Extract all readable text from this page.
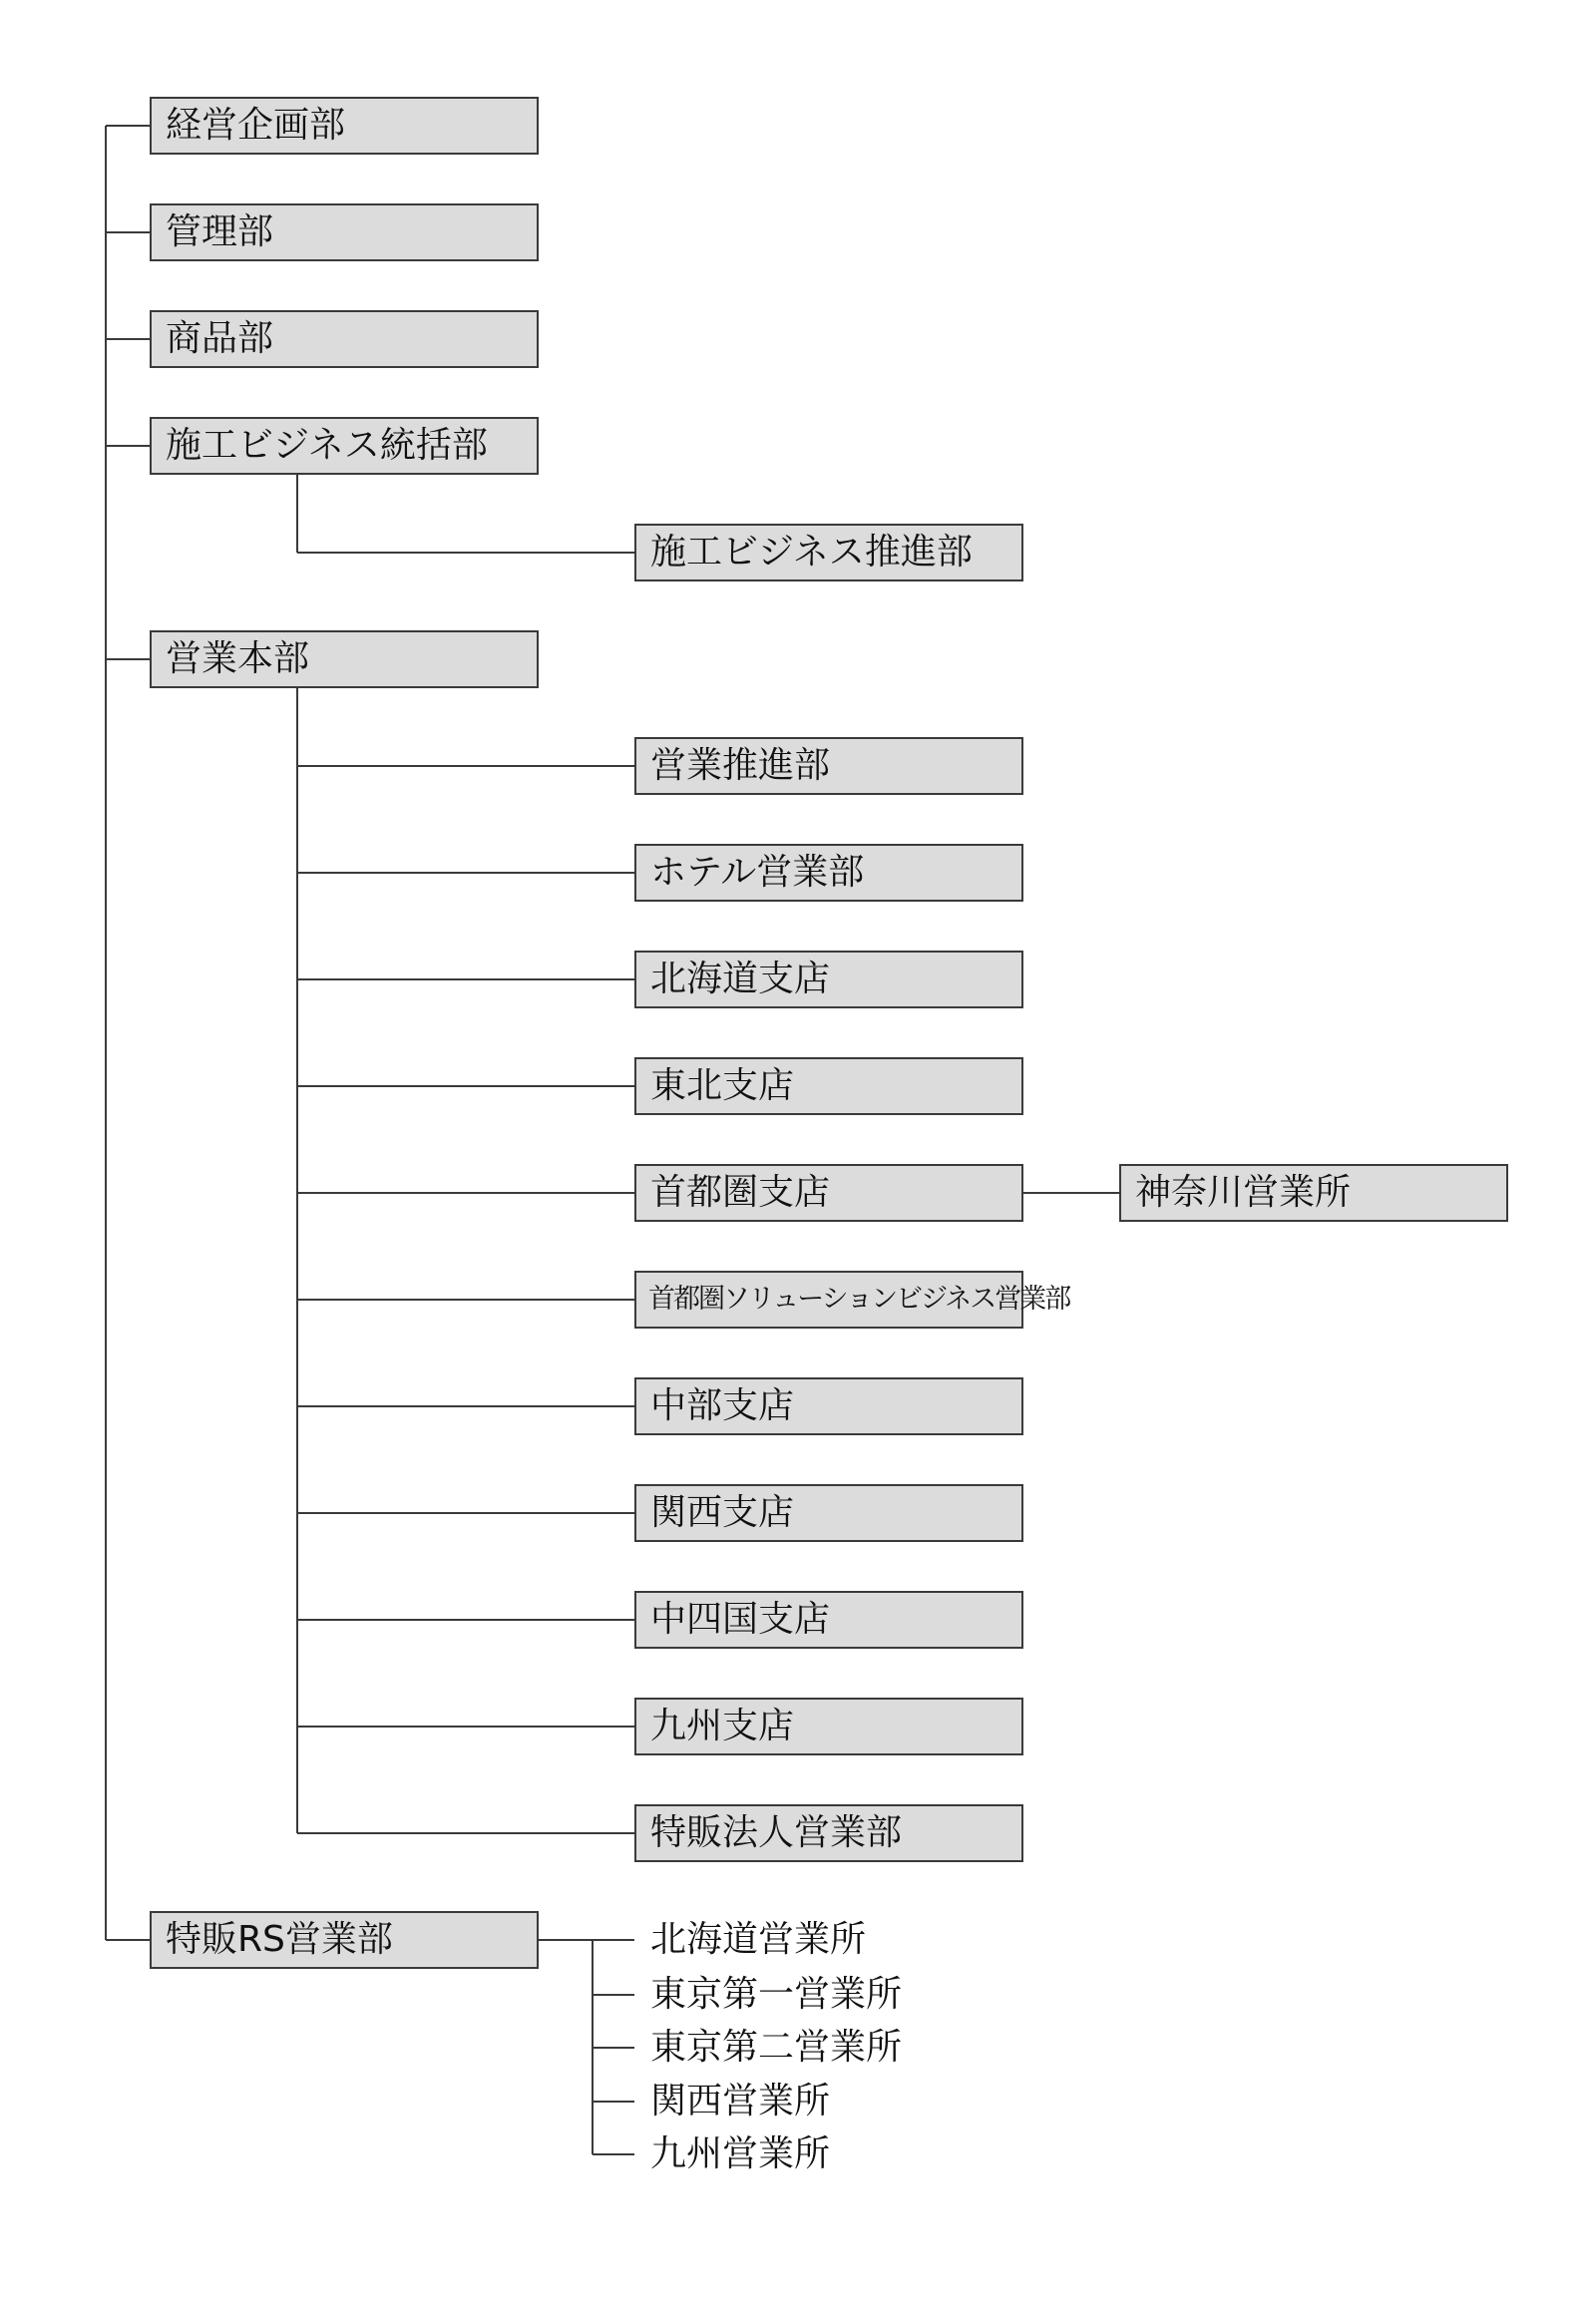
経営企画部
管理部
商品部
施工ビジネス統括部
営業本部
特販RS営業部
施工ビジネス推進部
営業推進部
ホテル営業部
北海道支店
東北支店
首都圏支店
首都圏ソリューションビジネス営業部
中部支店
関西支店
中四国支店
九州支店
特販法人営業部
神奈川営業所
北海道営業所
東京第一営業所
東京第二営業所
関西営業所
九州営業所
